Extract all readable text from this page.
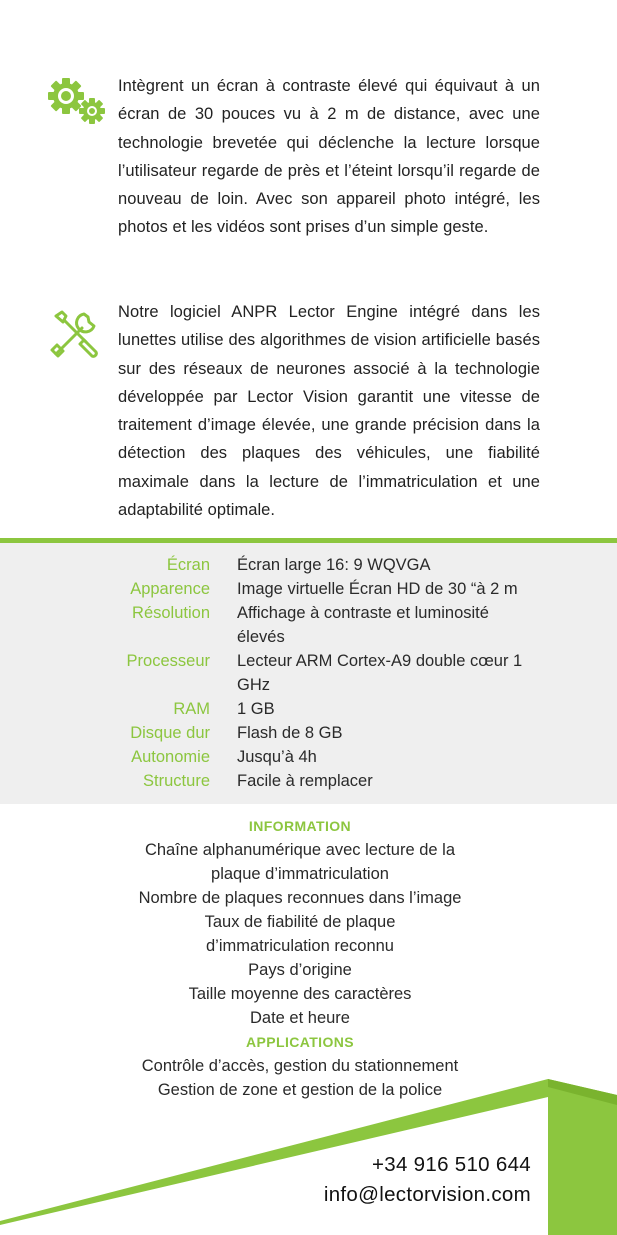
Intègrent un écran à contraste élevé qui équivaut à un écran de 30 pouces vu à 2 m de distance, avec une technologie brevetée qui déclenche la lecture lorsque l’utilisateur regarde de près et l’éteint lorsqu’il regarde de nouveau de loin. Avec son appareil photo intégré, les photos et les vidéos sont prises d’un simple geste.

Notre logiciel ANPR Lector Engine intégré dans les lunettes utilise des algorithmes de vision artificielle basés sur des réseaux de neurones associé à la technologie développée par Lector Vision garantit une vitesse de traitement d’image élevée, une grande précision dans la détection des plaques des véhicules, une fiabilité maximale dans la lecture de l’immatriculation et une adaptabilité optimale.

Écran Écran large 16: 9 WQVGA
Apparence Image virtuelle Écran HD de 30 “à 2 m
Résolution Affichage à contraste et luminosité élevés
Processeur Lecteur ARM Cortex-A9 double cœur 1 GHz
RAM 1 GB
Disque dur Flash de 8 GB
Autonomie Jusqu’à 4h
Structure Facile à remplacer
INFORMATION
Chaîne alphanumérique avec lecture de la
plaque d’immatriculation
Nombre de plaques reconnues dans l’image
Taux de fiabilité de plaque
d’immatriculation reconnu
Pays d’origine
Taille moyenne des caractères
Date et heure
APPLICATIONS
Contrôle d’accès, gestion du stationnement
Gestion de zone et gestion de la police
+34 916 510 644
info@lectorvision.com
